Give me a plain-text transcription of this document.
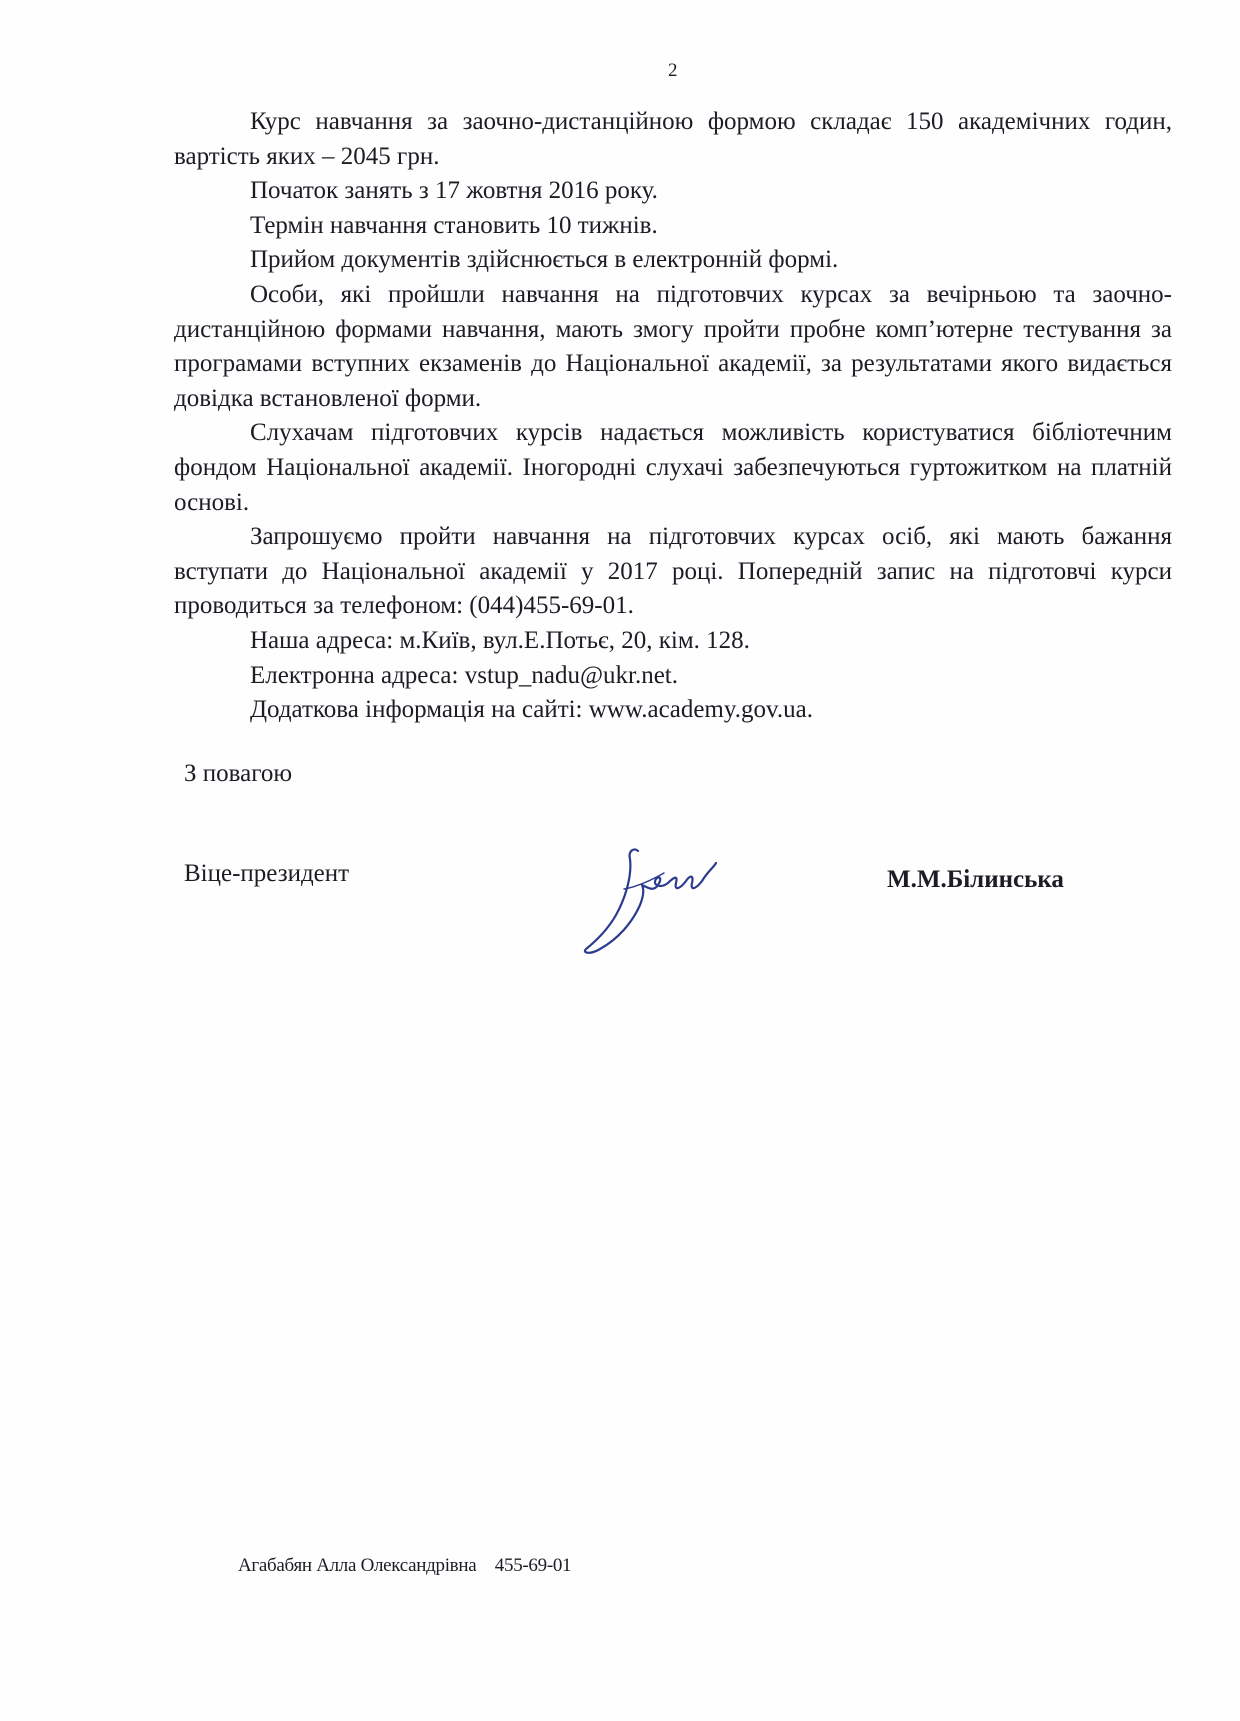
2

Курс навчання за заочно-дистанційною формою складає 150 академічних годин, вартість яких – 2045 грн.

Початок занять з 17 жовтня 2016 року.

Термін навчання становить 10 тижнів.

Прийом документів здійснюється в електронній формі.

Особи, які пройшли навчання на підготовчих курсах за вечірньою та заочно-дистанційною формами навчання, мають змогу пройти пробне комп’ютерне тестування за програмами вступних екзаменів до Національної академії, за результатами якого видається довідка встановленої форми.

Слухачам підготовчих курсів надається можливість користуватися бібліотечним фондом Національної академії. Іногородні слухачі забезпечуються гуртожитком на платній основі.

Запрошуємо пройти навчання на підготовчих курсах осіб, які мають бажання вступати до Національної академії у 2017 році. Попередній запис на підготовчі курси проводиться за телефоном: (044)455-69-01.

Наша адреса: м.Київ, вул.Е.Потьє, 20, кім. 128.

Електронна адреса: vstup_nadu@ukr.net.

Додаткова інформація на сайті: www.academy.gov.ua.

З повагою
Віце-президент	М.М.Білинська
Агабабян Алла Олександрівна 455-69-01
